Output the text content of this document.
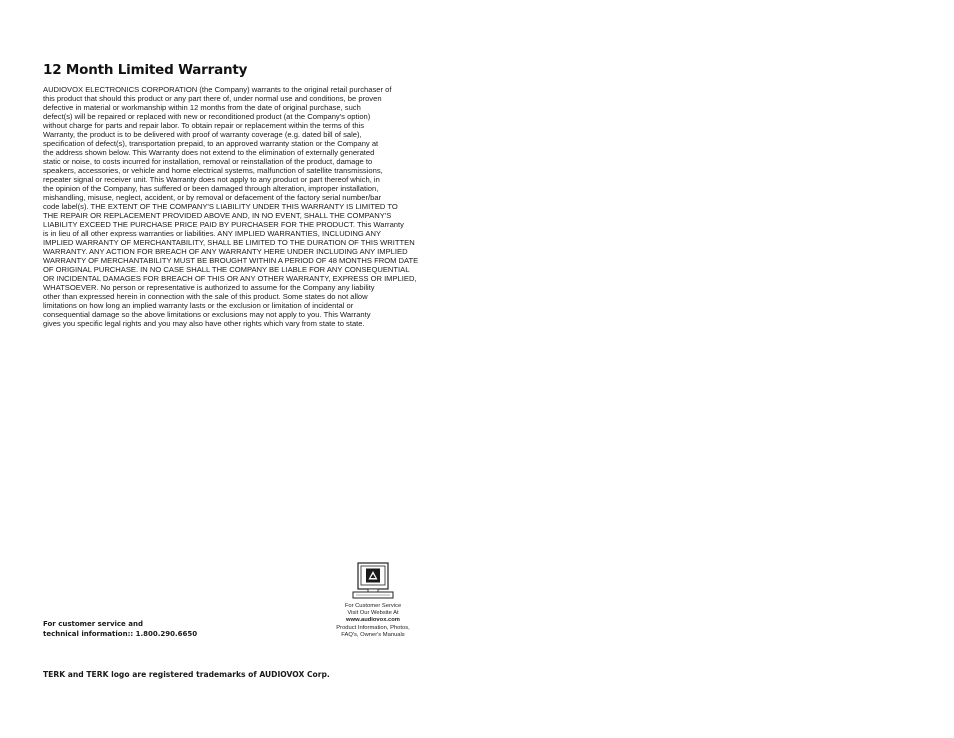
12 Month Limited Warranty
AUDIOVOX ELECTRONICS CORPORATION (the Company) warrants to the original retail purchaser of
this product that should this product or any part there of, under normal use and conditions, be proven
defective in material or workmanship within 12 months from the date of original purchase, such
defect(s) will be repaired or replaced with new or reconditioned product (at the Company's option)
without charge for parts and repair labor. To obtain repair or replacement within the terms of this
Warranty, the product is to be delivered with proof of warranty coverage (e.g. dated bill of sale),
specification of defect(s), transportation prepaid, to an approved warranty station or the Company at
the address shown below. This Warranty does not extend to the elimination of externally generated
static or noise, to costs incurred for installation, removal or reinstallation of the product, damage to
speakers, accessories, or vehicle and home electrical systems, malfunction of satellite transmissions,
repeater signal or receiver unit. This Warranty does not apply to any product or part thereof which, in
the opinion of the Company, has suffered or been damaged through alteration, improper installation,
mishandling, misuse, neglect, accident, or by removal or defacement of the factory serial number/bar
code label(s). THE EXTENT OF THE COMPANY'S LIABILITY UNDER THIS WARRANTY IS LIMITED TO
THE REPAIR OR REPLACEMENT PROVIDED ABOVE AND, IN NO EVENT, SHALL THE COMPANY'S
LIABILITY EXCEED THE PURCHASE PRICE PAID BY PURCHASER FOR THE PRODUCT. This Warranty
is in lieu of all other express warranties or liabilities. ANY IMPLIED WARRANTIES, INCLUDING ANY
IMPLIED WARRANTY OF MERCHANTABILITY, SHALL BE LIMITED TO THE DURATION OF THIS WRITTEN
WARRANTY. ANY ACTION FOR BREACH OF ANY WARRANTY HERE UNDER INCLUDING ANY IMPLIED
WARRANTY OF MERCHANTABILITY MUST BE BROUGHT WITHIN A PERIOD OF 48 MONTHS FROM DATE
OF ORIGINAL PURCHASE. IN NO CASE SHALL THE COMPANY BE LIABLE FOR ANY CONSEQUENTIAL
OR INCIDENTAL DAMAGES FOR BREACH OF THIS OR ANY OTHER WARRANTY, EXPRESS OR IMPLIED,
WHATSOEVER. No person or representative is authorized to assume for the Company any liability
other than expressed herein in connection with the sale of this product. Some states do not allow
limitations on how long an implied warranty lasts or the exclusion or limitation of incidental or
consequential damage so the above limitations or exclusions may not apply to you. This Warranty
gives you specific legal rights and you may also have other rights which vary from state to state.
For customer service and
technical information:: 1.800.290.6650
For Customer Service
Visit Our Website At
www.audiovox.com
Product Information, Photos,
FAQ's, Owner's Manuals
TERK and TERK logo are registered trademarks of AUDIOVOX Corp.
